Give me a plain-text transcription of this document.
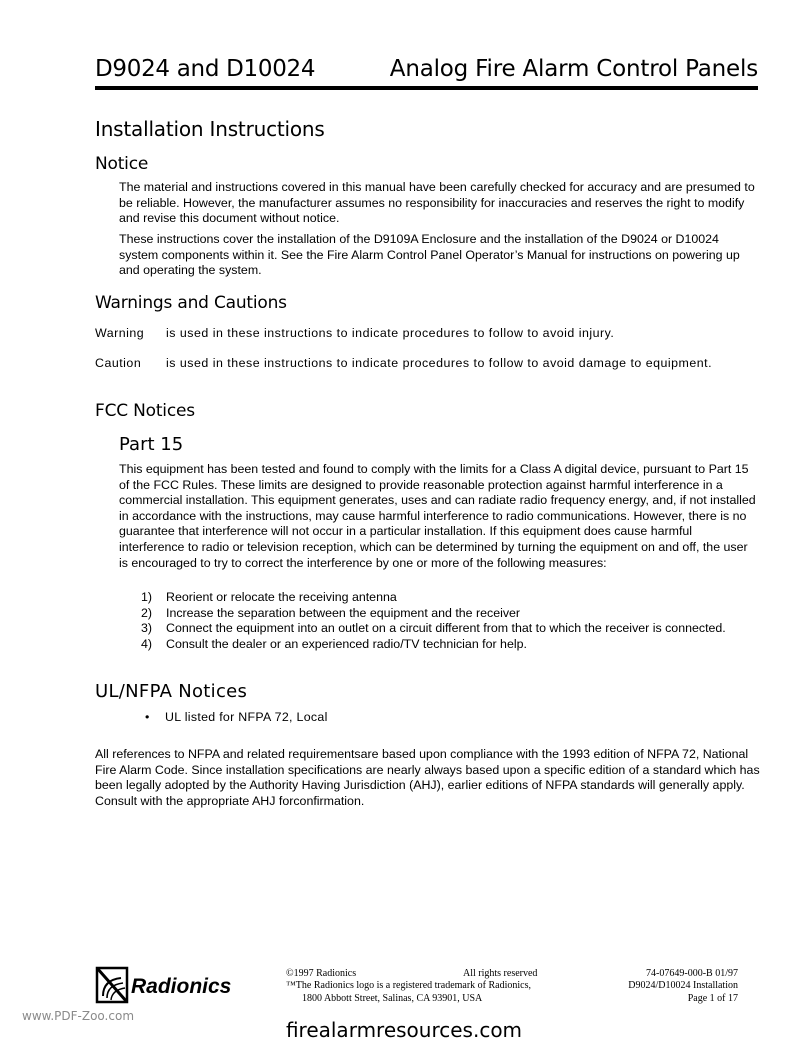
D9024 and D10024	Analog Fire Alarm Control Panels
Installation Instructions
Notice
The material and instructions covered in this manual have been carefully checked for accuracy and are presumed to be reliable. However, the manufacturer assumes no responsibility for inaccuracies and reserves the right to modify and revise this document without notice.
These instructions cover the installation of the D9109A Enclosure and the installation of the D9024 or D10024 system components within it. See the Fire Alarm Control Panel Operator’s Manual for instructions on powering up and operating the system.
Warnings and Cautions
Warning is used in these instructions to indicate procedures to follow to avoid injury.
Caution is used in these instructions to indicate procedures to follow to avoid damage to equipment.
FCC Notices
Part 15
This equipment has been tested and found to comply with the limits for a Class A digital device, pursuant to Part 15 of the FCC Rules. These limits are designed to provide reasonable protection against harmful interference in a commercial installation. This equipment generates, uses and can radiate radio frequency energy, and, if not installed in accordance with the instructions, may cause harmful interference to radio communications. However, there is no guarantee that interference will not occur in a particular installation. If this equipment does cause harmful interference to radio or television reception, which can be determined by turning the equipment on and off, the user is encouraged to try to correct the interference by one or more of the following measures:
1) Reorient or relocate the receiving antenna
2) Increase the separation between the equipment and the receiver
3) Connect the equipment into an outlet on a circuit different from that to which the receiver is connected.
4) Consult the dealer or an experienced radio/TV technician for help.
UL/NFPA Notices
• UL listed for NFPA 72, Local
All references to NFPA and related requirementsare based upon compliance with the 1993 edition of NFPA 72, National Fire Alarm Code. Since installation specifications are nearly always based upon a specific edition of a standard which has been legally adopted by the Authority Having Jurisdiction (AHJ), earlier editions of NFPA standards will generally apply. Consult with the appropriate AHJ forconfirmation.
Radionics
©1997 Radionics	All rights reserved
™The Radionics logo is a registered trademark of Radionics,
1800 Abbott Street, Salinas, CA 93901, USA
74-07649-000-B 01/97
D9024/D10024 Installation
Page 1 of 17
www.PDF-Zoo.com
firealarmresources.com
